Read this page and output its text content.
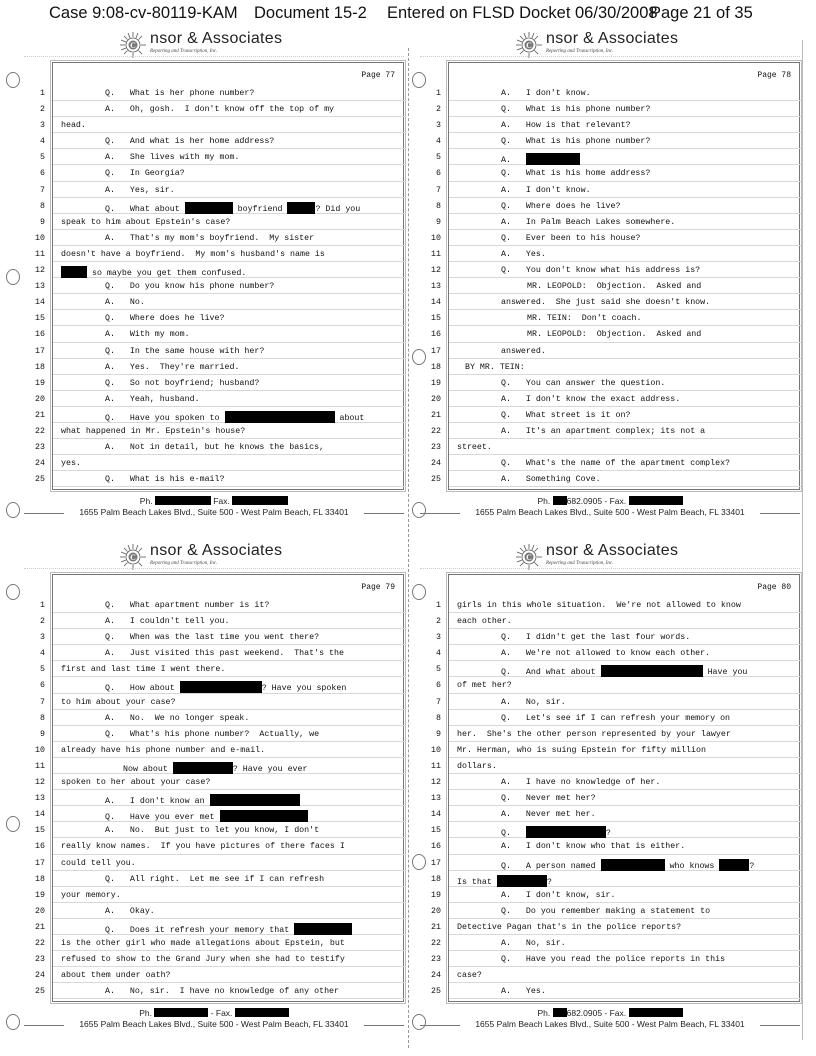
Case 9:08-cv-80119-KAM Document 15-2 Entered on FLSD Docket 06/30/2008
Page 21 of 35
C nsor & Associates
Reporting and Transcription, Inc.
Page 77
1	Q.   What is her phone number?
2	A.   Oh, gosh.  I don't know off the top of my
3 head.
4	Q.   And what is her home address?
5	A.   She lives with my mom.
6	Q.   In Georgia?
7	A.   Yes, sir.
8	Q.   What about	boyfriend	? Did you
9 speak to him about Epstein's case?
10	A.   That's my mom's boyfriend.  My sister
11 doesn't have a boyfriend.  My mom's husband's name is
12	so maybe you get them confused.
13	Q.   Do you know his phone number?
14	A.   No.
15	Q.   Where does he live?
16	A.   With my mom.
17	Q.   In the same house with her?
18	A.   Yes.  They're married.
19	Q.   So not boyfriend; husband?
20	A.   Yeah, husband.
21	Q.   Have you spoken to	about
22 what happened in Mr. Epstein's house?
23	A.   Not in detail, but he knows the basics,
24 yes.
25	Q.   What is his e-mail?
Ph.	Fax.
1655 Palm Beach Lakes Blvd., Suite 500 - West Palm Beach, FL 33401
C nsor & Associates
Reporting and Transcription, Inc.
Page 78
1	A.   I don't know.
2	Q.   What is his phone number?
3	A.   How is that relevant?
4	Q.   What is his phone number?
5	A.
6	Q.   What is his home address?
7	A.   I don't know.
8	Q.   Where does he live?
9	A.   In Palm Beach Lakes somewhere.
10	Q.   Ever been to his house?
11	A.   Yes.
12	Q.   You don't know what his address is?
13	MR. LEOPOLD:  Objection.  Asked and
14	answered.  She just said she doesn't know.
15	MR. TEIN:  Don't coach.
16	MR. LEOPOLD:  Objection.  Asked and
17	answered.
18	BY MR. TEIN:
19	Q.   You can answer the question.
20	A.   I don't know the exact address.
21	Q.   What street is it on?
22	A.   It's an apartment complex; its not a
23 street.
24	Q.   What's the name of the apartment complex?
25	A.   Something Cove.
Ph. 682.0905 - Fax.
1655 Palm Beach Lakes Blvd., Suite 500 - West Palm Beach, FL 33401
C nsor & Associates
Reporting and Transcription, Inc.
Page 79
1	Q.   What apartment number is it?
2	A.   I couldn't tell you.
3	Q.   When was the last time you went there?
4	A.   Just visited this past weekend.  That's the
5 first and last time I went there.
6	Q.   How about	? Have you spoken
7 to him about your case?
8	A.   No.  We no longer speak.
9	Q.   What's his phone number?  Actually, we
10 already have his phone number and e-mail.
11	Now about	? Have you ever
12 spoken to her about your case?
13	A.   I don't know an
14	Q.   Have you ever met
15	A.   No.  But just to let you know, I don't
16 really know names.  If you have pictures of there faces I
17 could tell you.
18	Q.   All right.  Let me see if I can refresh
19 your memory.
20	A.   Okay.
21	Q.   Does it refresh your memory that
22 is the other girl who made allegations about Epstein, but
23 refused to show to the Grand Jury when she had to testify
24 about them under oath?
25	A.   No, sir.  I have no knowledge of any other
Ph.	- Fax.
1655 Palm Beach Lakes Blvd., Suite 500 - West Palm Beach, FL 33401
C nsor & Associates
Reporting and Transcription, Inc.
Page 80
1 girls in this whole situation.  We're not allowed to know
2 each other.
3	Q.   I didn't get the last four words.
4	A.   We're not allowed to know each other.
5	Q.   And what about	Have you
6 of met her?
7	A.   No, sir.
8	Q.   Let's see if I can refresh your memory on
9 her.  She's the other person represented by your lawyer
10 Mr. Herman, who is suing Epstein for fifty million
11 dollars.
12	A.   I have no knowledge of her.
13	Q.   Never met her?
14	A.   Never met her.
15	Q.	?
16	A.   I don't know who that is either.
17	Q.   A person named	who knows	?
18 Is that	?
19	A.   I don't know, sir.
20	Q.   Do you remember making a statement to
21 Detective Pagan that's in the police reports?
22	A.   No, sir.
23	Q.   Have you read the police reports in this
24 case?
25	A.   Yes.
Ph. 682.0905 - Fax.
1655 Palm Beach Lakes Blvd., Suite 500 - West Palm Beach, FL 33401
